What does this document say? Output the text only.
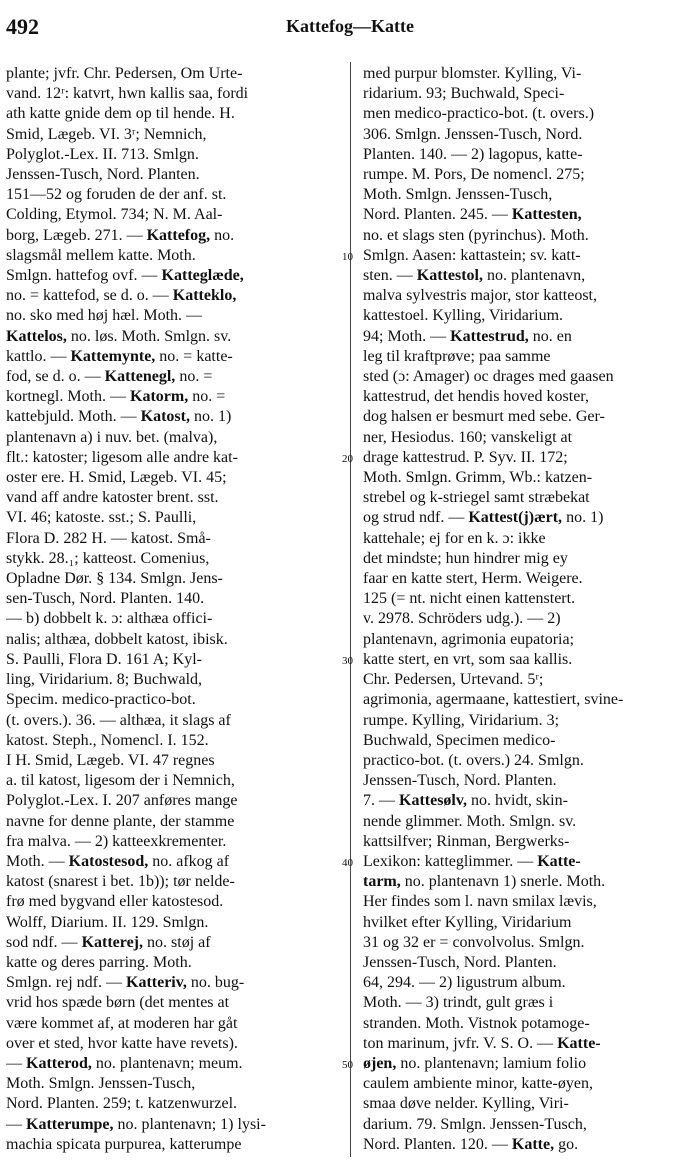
492	Kattefog—Katte
plante; jvfr. Chr. Pedersen, Om Urte-
vand. 12ʳ: katvrt, hwn kallis saa, fordi
ath katte gnide dem op til hende. H.
Smid, Lægeb. VI. 3ʳ; Nemnich,
Polyglot.-Lex. II. 713. Smlgn.
Jenssen-Tusch, Nord. Planten.
151—52 og foruden de der anf. st.
Colding, Etymol. 734; N. M. Aal-
borg, Lægeb. 271. — Kattefog, no.
slagsmål mellem katte. Moth.
Smlgn. hattefog ovf. — Katteglæde,
no. = kattefod, se d. o. — Katteklo,
no. sko med høj hæl. Moth. —
Kattelos, no. løs. Moth. Smlgn. sv.
kattlo. — Kattemynte, no. = katte-
fod, se d. o. — Kattenegl, no. =
kortnegl. Moth. — Katorm, no. =
kattebjuld. Moth. — Katost, no. 1)
plantenavn a) i nuv. bet. (malva),
flt.: katoster; ligesom alle andre kat-
oster ere. H. Smid, Lægeb. VI. 45;
vand aff andre katoster brent. sst.
VI. 46; katoste. sst.; S. Paulli,
Flora D. 282 H. — katost. Små-
stykk. 28.₁; katteost. Comenius,
Opladne Dør. § 134. Smlgn. Jens-
sen-Tusch, Nord. Planten. 140.
— b) dobbelt k. ɔ: althæa offici-
nalis; althæa, dobbelt katost, ibisk.
S. Paulli, Flora D. 161 A; Kyl-
ling, Viridarium. 8; Buchwald,
Specim. medico-practico-bot.
(t. overs.). 36. — althæa, it slags af
katost. Steph., Nomencl. I. 152.
I H. Smid, Lægeb. VI. 47 regnes
a. til katost, ligesom der i Nemnich,
Polyglot.-Lex. I. 207 anføres mange
navne for denne plante, der stamme
fra malva. — 2) katteexkrementer.
Moth. — Katostesod, no. afkog af
katost (snarest i bet. 1b)); tør nelde-
frø med bygvand eller katostesod.
Wolff, Diarium. II. 129. Smlgn.
sod ndf. — Katterej, no. støj af
katte og deres parring. Moth.
Smlgn. rej ndf. — Katteriv, no. bug-
vrid hos spæde børn (det mentes at
være kommet af, at moderen har gåt
over et sted, hvor katte have revets).
— Katterod, no. plantenavn; meum.
Moth. Smlgn. Jenssen-Tusch,
Nord. Planten. 259; t. katzenwurzel.
— Katterumpe, no. plantenavn; 1) lysi-
machia spicata purpurea, katterumpe
med purpur blomster. Kylling, Vi-
ridarium. 93; Buchwald, Speci-
men medico-practico-bot. (t. overs.)
306. Smlgn. Jenssen-Tusch, Nord.
Planten. 140. — 2) lagopus, katte-
rumpe. M. Pors, De nomencl. 275;
Moth. Smlgn. Jenssen-Tusch,
Nord. Planten. 245. — Kattesten,
no. et slags sten (pyrinchus). Moth.
Smlgn. Aasen: kattastein; sv. katt-
sten. — Kattestol, no. plantenavn,
malva sylvestris major, stor katteost,
kattestoel. Kylling, Viridarium.
94; Moth. — Kattestrud, no. en
leg til kraftprøve; paa samme
sted (ɔ: Amager) oc drages med gaasen
kattestrud, det hendis hoved koster,
dog halsen er besmurt med sebe. Ger-
ner, Hesiodus. 160; vanskeligt at
drage kattestrud. P. Syv. II. 172;
Moth. Smlgn. Grimm, Wb.: katzen-
strebel og k-striegel samt stræbekat
og strud ndf. — Kattest(j)ært, no. 1)
kattehale; ej for en k. ɔ: ikke
det mindste; hun hindrer mig ey
faar en katte stert, Herm. Weigere.
125 (= nt. nicht einen kattenstert.
v. 2978. Schröders udg.). — 2)
plantenavn, agrimonia eupatoria;
katte stert, en vrt, som saa kallis.
Chr. Pedersen, Urtevand. 5ʳ;
agrimonia, agermaane, kattestiert, svine-
rumpe. Kylling, Viridarium. 3;
Buchwald, Specimen medico-
practico-bot. (t. overs.) 24. Smlgn.
Jenssen-Tusch, Nord. Planten.
7. — Kattesølv, no. hvidt, skin-
nende glimmer. Moth. Smlgn. sv.
kattsilfver; Rinman, Bergwerks-
Lexikon: katteglimmer. — Katte-
tarm, no. plantenavn 1) snerle. Moth.
Her findes som l. navn smilax lævis,
hvilket efter Kylling, Viridarium
31 og 32 er = convolvolus. Smlgn.
Jenssen-Tusch, Nord. Planten.
64, 294. — 2) ligustrum album.
Moth. — 3) trindt, gult græs i
stranden. Moth. Vistnok potamoge-
ton marinum, jvfr. V. S. O. — Katte-
øjen, no. plantenavn; lamium folio
caulem ambiente minor, katte-øyen,
smaa døve nelder. Kylling, Viri-
darium. 79. Smlgn. Jenssen-Tusch,
Nord. Planten. 120. — Katte, go.
10
20
30
40
50
